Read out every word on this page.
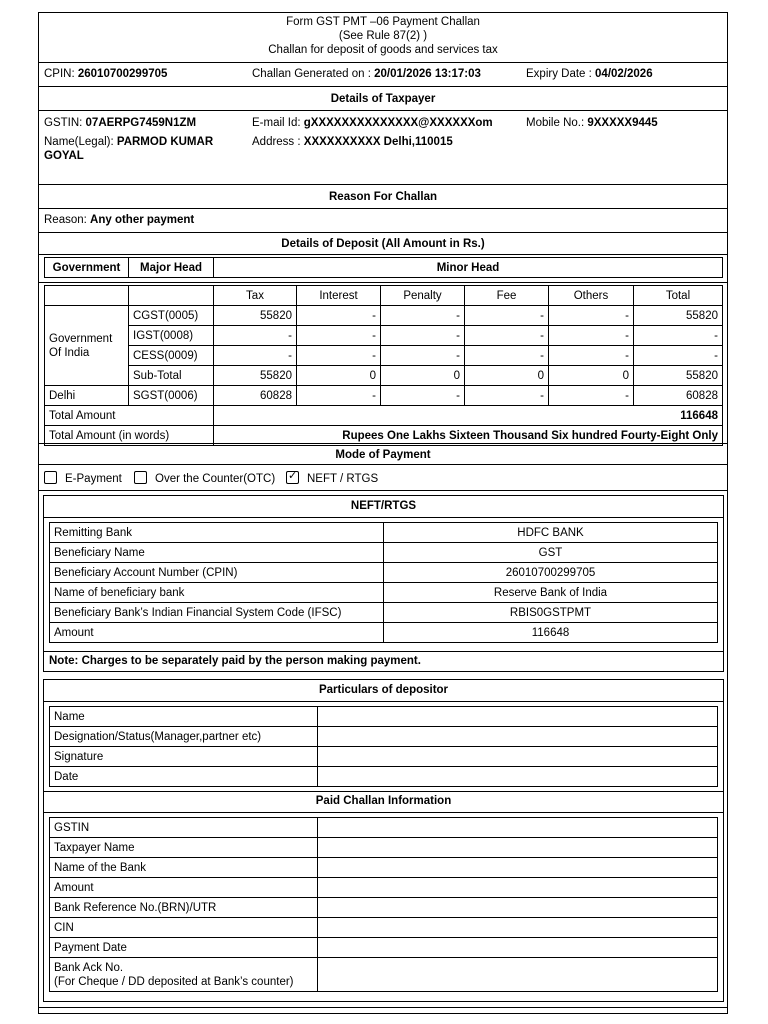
Form GST PMT –06 Payment Challan
(See Rule 87(2) )
Challan for deposit of goods and services tax
CPIN: 26010700299705	Challan Generated on : 20/01/2026 13:17:03	Expiry Date : 04/02/2026
Details of Taxpayer
GSTIN: 07AERPG7459N1ZM	E-mail Id: gXXXXXXXXXXXXXX@XXXXXXom	Mobile No.: 9XXXXX9445
Name(Legal): PARMOD KUMAR
GOYAL
Address : XXXXXXXXXX Delhi,110015
Reason For Challan
Reason: Any other payment
Details of Deposit (All Amount in Rs.)
Government	Major Head	Minor Head
		Tax	Interest	Penalty	Fee	Others	Total
Government Of India	CGST(0005)	55820	-	-	-	-	55820
	IGST(0008)	-	-	-	-	-	-
	CESS(0009)	-	-	-	-	-	-
	Sub-Total	55820	0	0	0	0	55820
Delhi	SGST(0006)	60828	-	-	-	-	60828
Total Amount		116648					
Total Amount (in words)		Rupees One Lakhs Sixteen Thousand Six hundred Fourty-Eight Only					
Mode of Payment
E-Payment	Over the Counter(OTC) ✓	NEFT / RTGS
NEFT/RTGS
Remitting Bank	HDFC BANK
Beneficiary Name	GST
Beneficiary Account Number (CPIN)	26010700299705
Name of beneficiary bank	Reserve Bank of India
Beneficiary Bank’s Indian Financial System Code (IFSC)	RBIS0GSTPMT
Amount	116648
Note: Charges to be separately paid by the person making payment.
Particulars of depositor
Name	
Designation/Status(Manager,partner etc)	
Signature	
Date	
Paid Challan Information
GSTIN	
Taxpayer Name	
Name of the Bank	
Amount	
Bank Reference No.(BRN)/UTR	
CIN	
Payment Date	

Bank Ack No.
(For Cheque / DD deposited at Bank’s counter)	
